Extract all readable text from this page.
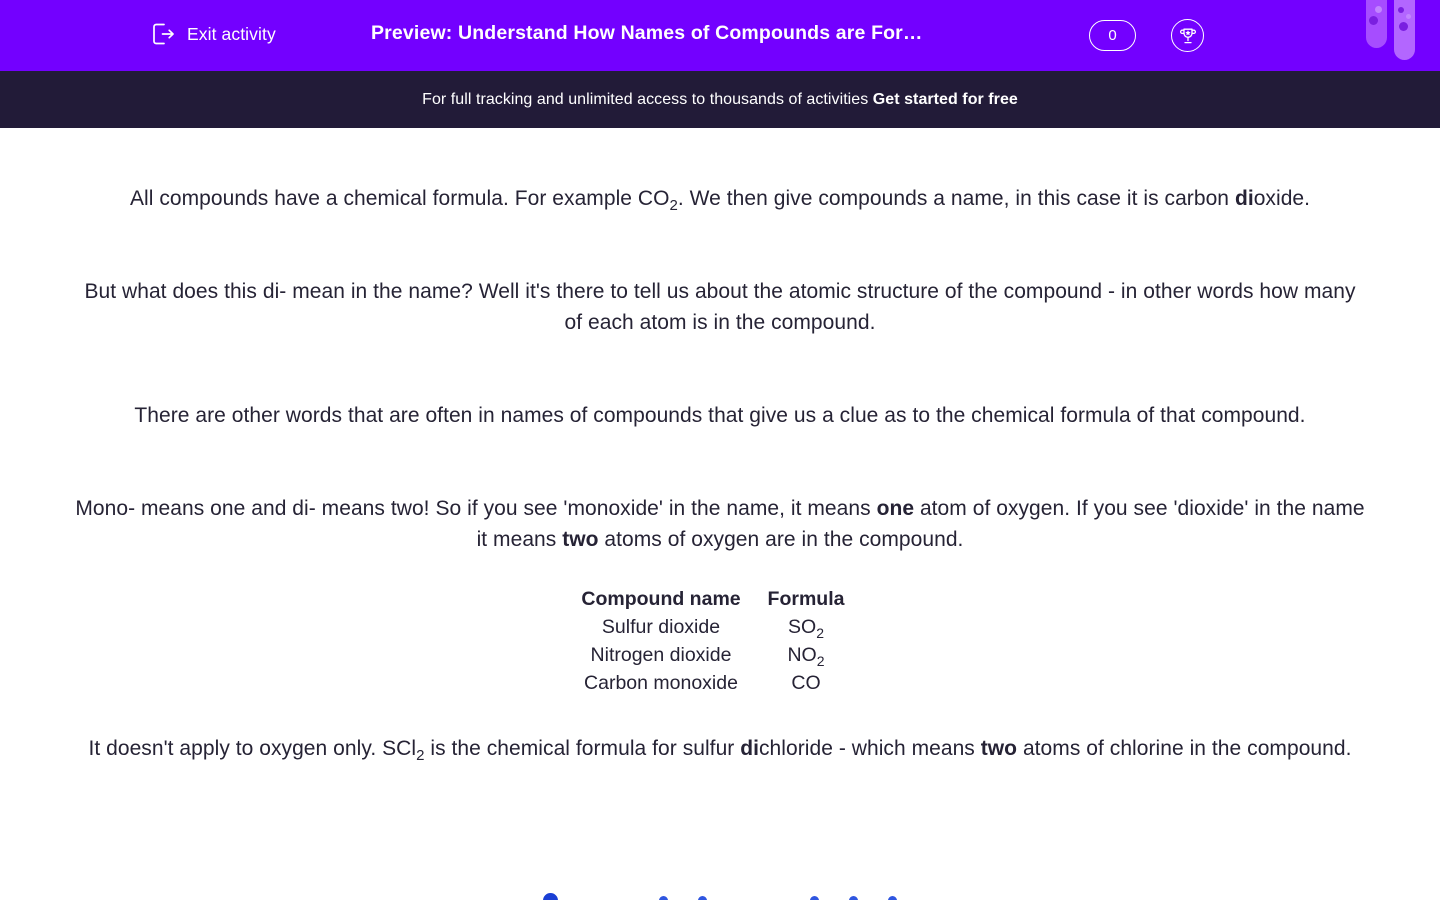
Exit activity	Preview: Understand How Names of Compounds are For…	0
For full tracking and unlimited access to thousands of activities Get started for free

All compounds have a chemical formula. For example $CO_2$. We then give compounds a name, in this case it is carbon dioxide.

But what does this di- mean in the name? Well it's there to tell us about the atomic structure of the compound - in other words how many of each atom is in the compound.

There are other words that are often in names of compounds that give us a clue as to the chemical formula of that compound.

Mono- means one and di- means two! So if you see 'monoxide' in the name, it means one atom of oxygen. If you see 'dioxide' in the name it means two atoms of oxygen are in the compound.

Compound name	Formula
Sulfur dioxide	$SO_2$
Nitrogen dioxide	$NO_2$
Carbon monoxide	CO

It doesn't apply to oxygen only. SCl$_2$ is the chemical formula for sulfur dichloride - which means two atoms of chlorine in the compound.
